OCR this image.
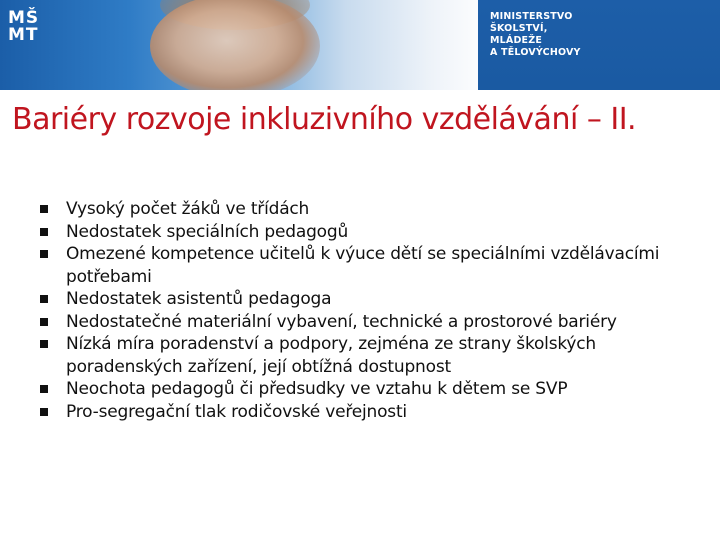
MŠ
MT
MINISTERSTVO
ŠKOLSTVÍ,
MLÁDEŽE
A TĚLOVÝCHOVY
Bariéry rozvoje inkluzivního vzdělávání – II.
Vysoký počet žáků ve třídách
Nedostatek speciálních pedagogů
Omezené kompetence učitelů k výuce dětí se speciálními vzdělávacími potřebami
Nedostatek asistentů pedagoga
Nedostatečné materiální vybavení, technické a prostorové bariéry
Nízká míra poradenství a podpory, zejména ze strany školských poradenských zařízení, její obtížná dostupnost
Neochota pedagogů či předsudky ve vztahu k dětem se SVP
Pro-segregační tlak rodičovské veřejnosti
